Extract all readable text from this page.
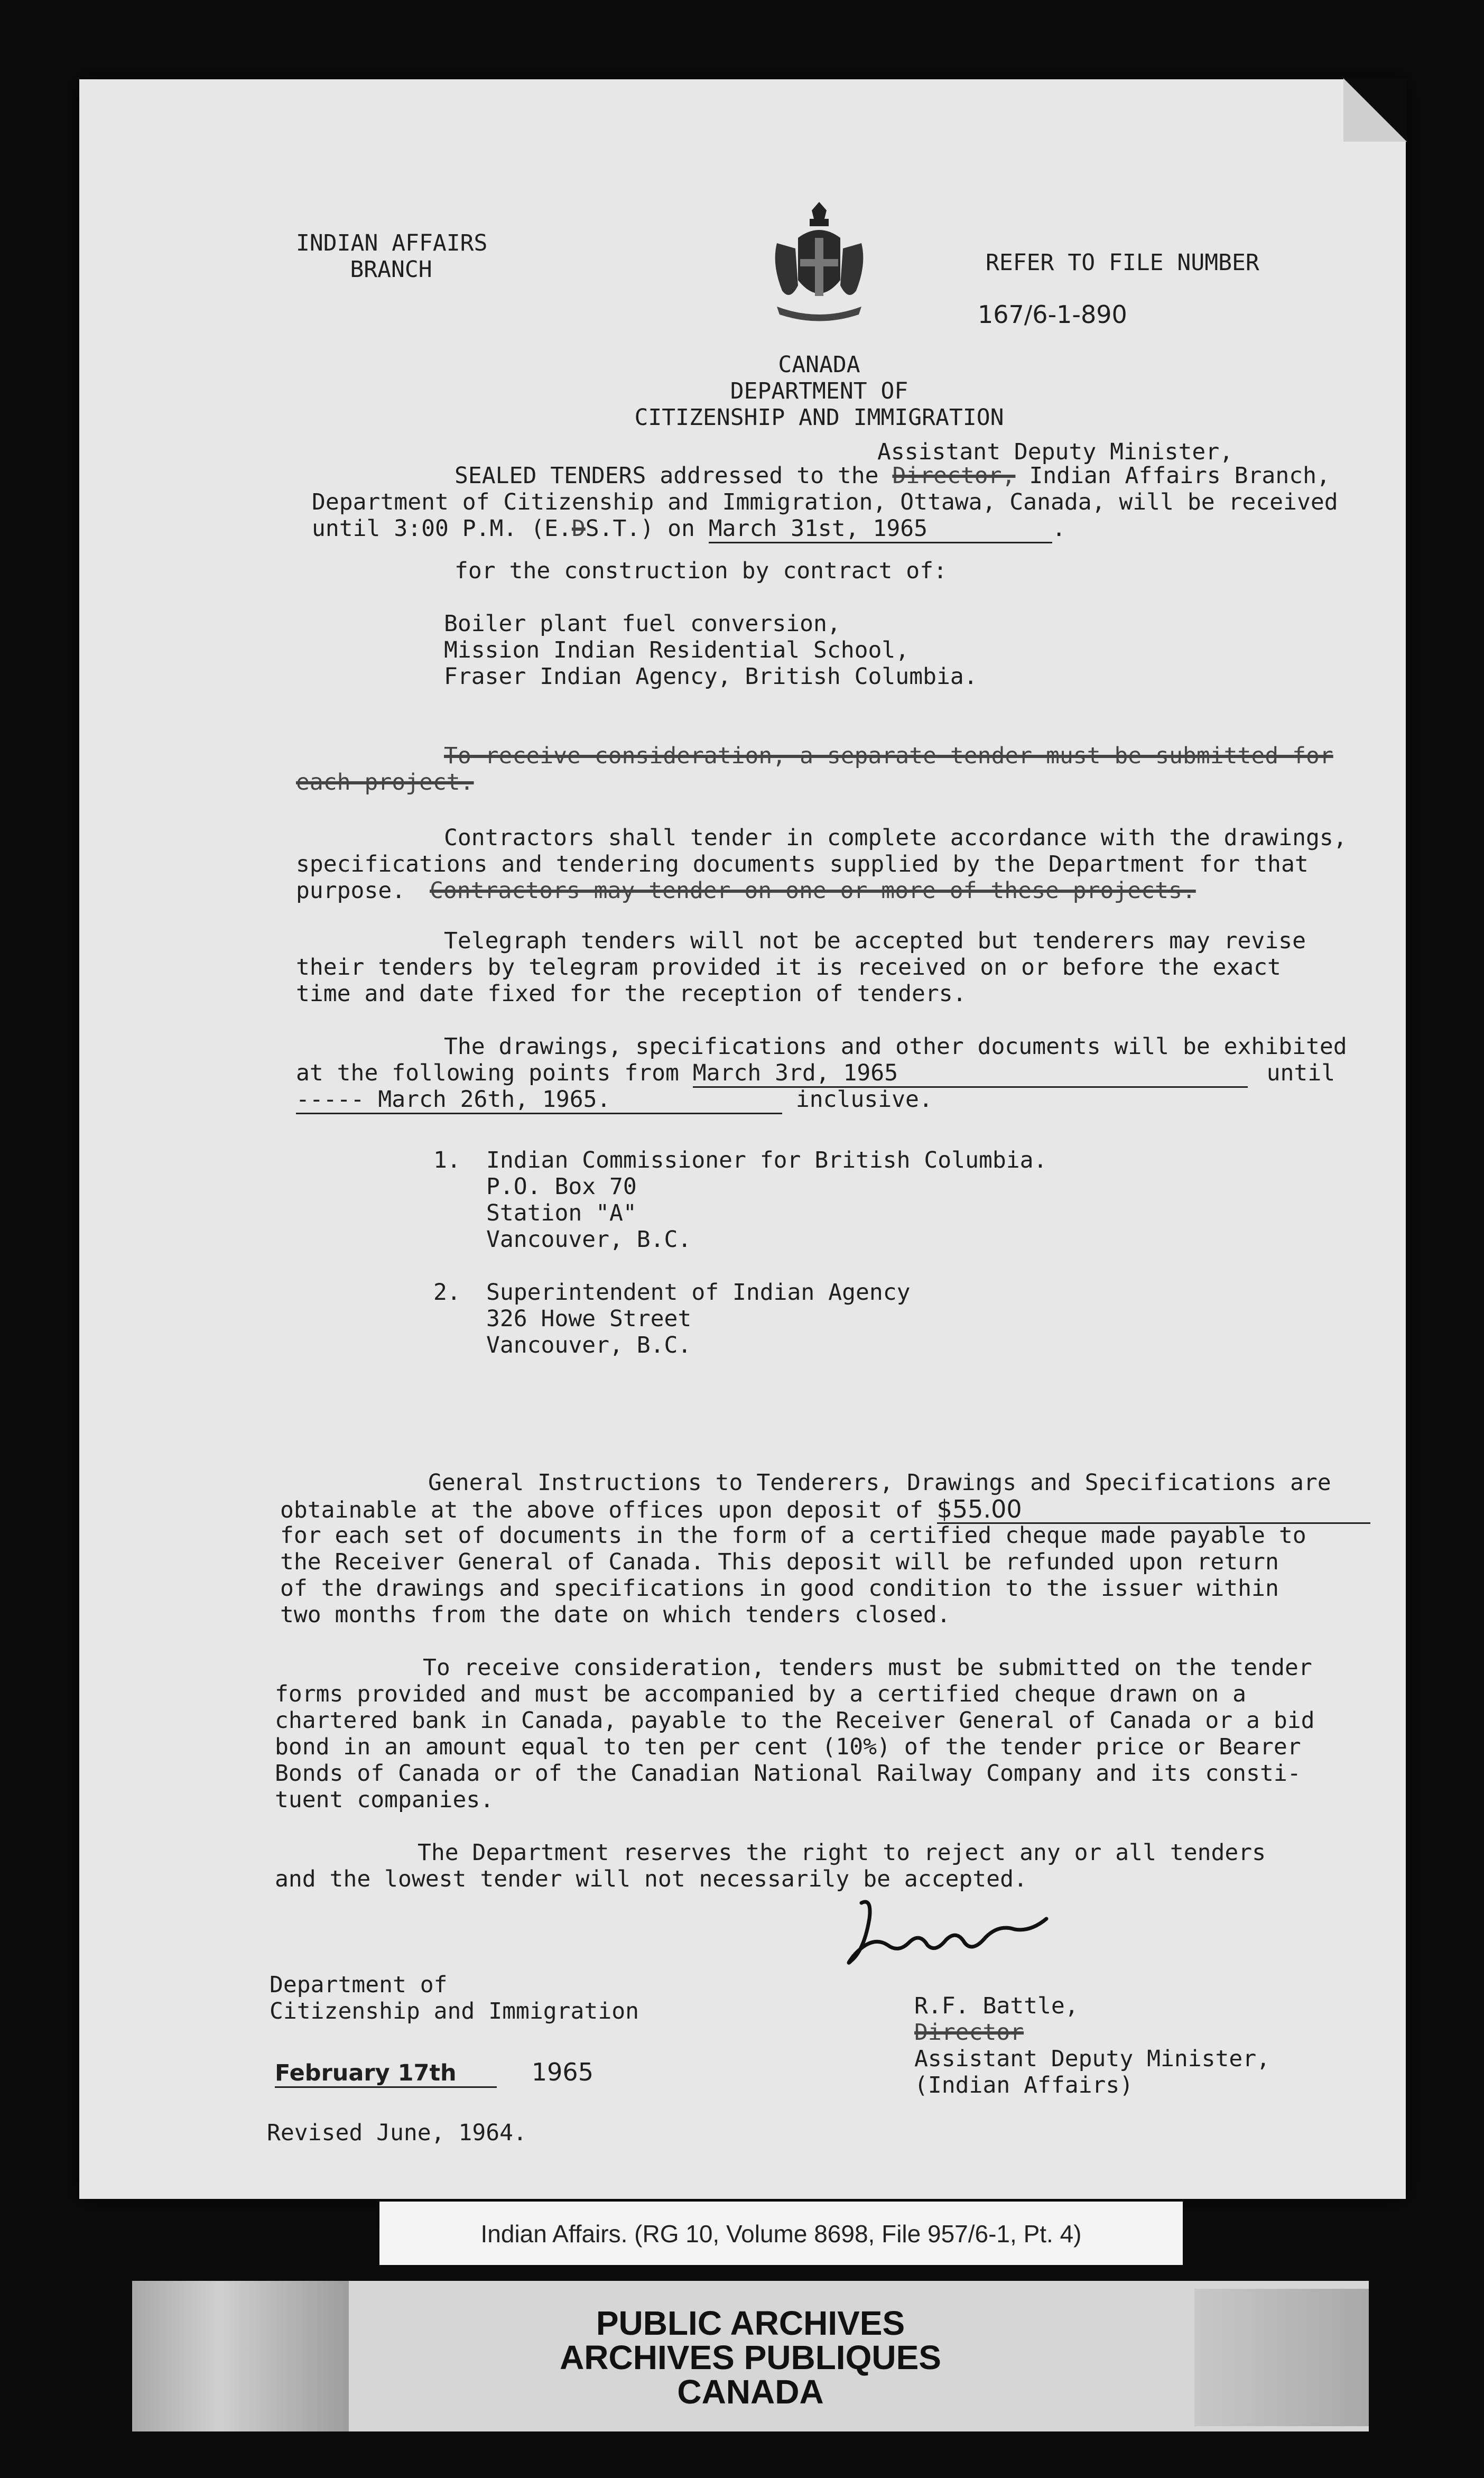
INDIAN AFFAIRS
BRANCH	REFER TO FILE NUMBER
167/6-1-890
CANADA
DEPARTMENT OF
CITIZENSHIP AND IMMIGRATION
Assistant Deputy Minister,
SEALED TENDERS addressed to the Director, Indian Affairs Branch,
Department of Citizenship and Immigration, Ottawa, Canada, will be received
until 3:00 P.M. (E.DS.T.) on March 31st, 1965	.
for the construction by contract of:
Boiler plant fuel conversion,
Mission Indian Residential School,
Fraser Indian Agency, British Columbia.
To receive consideration, a separate tender must be submitted for
each project.
Contractors shall tender in complete accordance with the drawings,
specifications and tendering documents supplied by the Department for that
purpose. Contractors may tender on one or more of these projects.
Telegraph tenders will not be accepted but tenderers may revise
their tenders by telegram provided it is received on or before the exact
time and date fixed for the reception of tenders.
The drawings, specifications and other documents will be exhibited
at the following points from March 3rd, 1965	until
----- March 26th, 1965.	inclusive.
1. Indian Commissioner for British Columbia.
P.O. Box 70
Station "A"
Vancouver, B.C.
2. Superintendent of Indian Agency
326 Howe Street
Vancouver, B.C.
General Instructions to Tenderers, Drawings and Specifications are
obtainable at the above offices upon deposit of $55.00
for each set of documents in the form of a certified cheque made payable to
the Receiver General of Canada. This deposit will be refunded upon return
of the drawings and specifications in good condition to the issuer within
two months from the date on which tenders closed.
To receive consideration, tenders must be submitted on the tender
forms provided and must be accompanied by a certified cheque drawn on a
chartered bank in Canada, payable to the Receiver General of Canada or a bid
bond in an amount equal to ten per cent (10%) of the tender price or Bearer
Bonds of Canada or of the Canadian National Railway Company and its consti-
tuent companies.
The Department reserves the right to reject any or all tenders
and the lowest tender will not necessarily be accepted.
Department of
Citizenship and Immigration
February 17th	1965
Revised June, 1964.
R.F. Battle,
Director
Assistant Deputy Minister,
(Indian Affairs)
Indian Affairs. (RG 10, Volume 8698, File 957/6-1, Pt. 4)
PUBLIC ARCHIVES
ARCHIVES PUBLIQUES
CANADA
